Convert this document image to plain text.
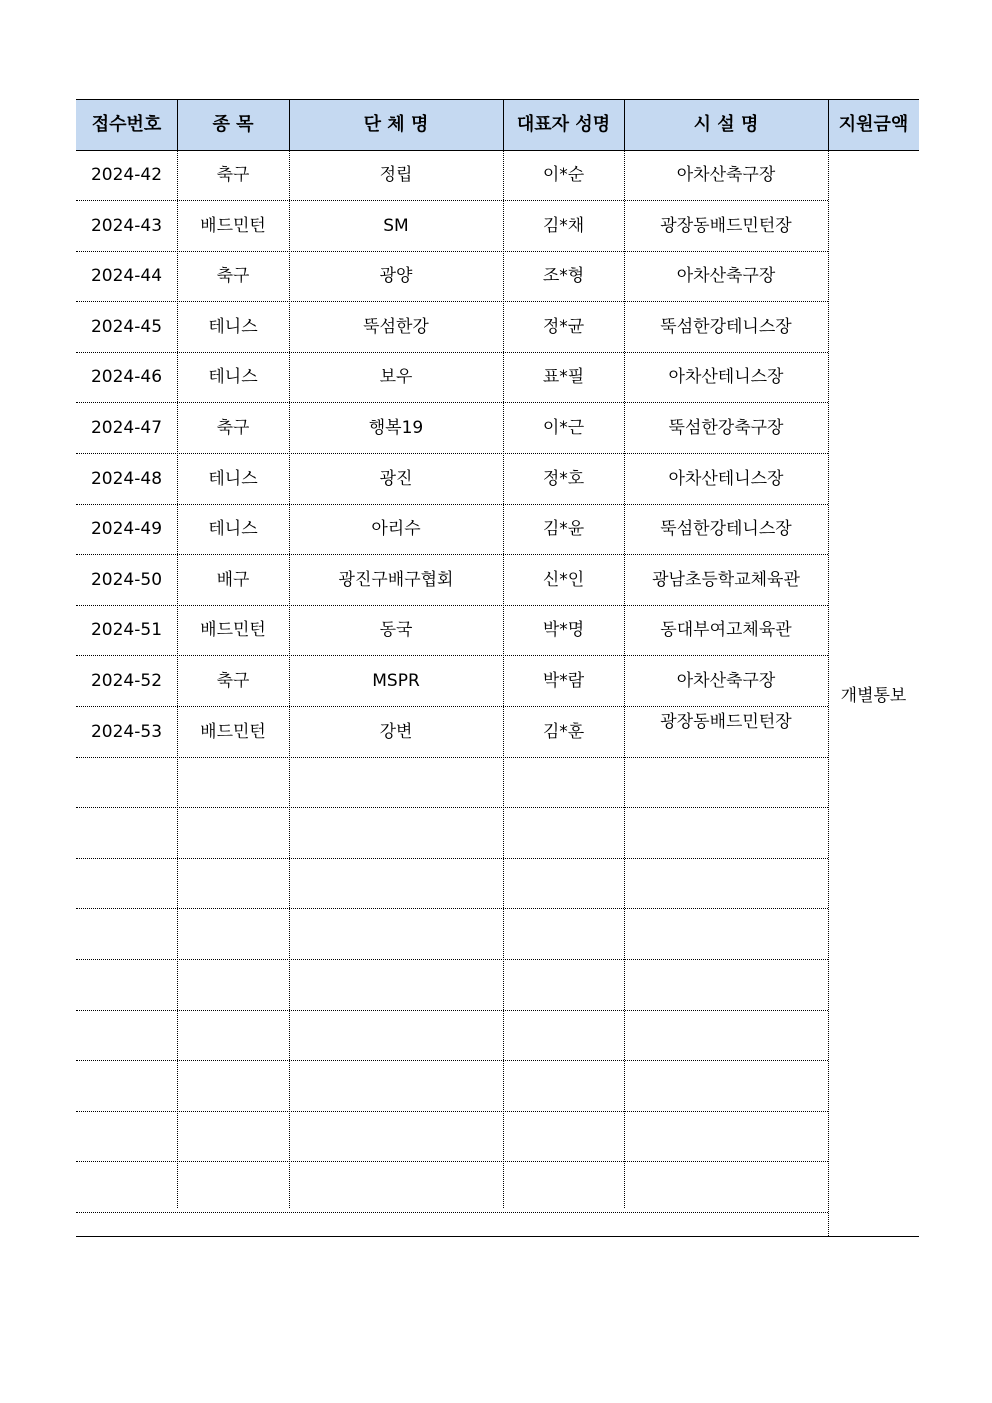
접수번호	종 목	단 체 명	대표자 성명	시 설 명	지원금액
2024-42	축구	정립	이*순	아차산축구장
2024-43	배드민턴	SM	김*채	광장동배드민턴장
2024-44	축구	광양	조*형	아차산축구장
2024-45	테니스	뚝섬한강	정*균	뚝섬한강테니스장
2024-46	테니스	보우	표*필	아차산테니스장
2024-47	축구	행복19	이*근	뚝섬한강축구장
2024-48	테니스	광진	정*호	아차산테니스장
2024-49	테니스	아리수	김*윤	뚝섬한강테니스장
2024-50	배구	광진구배구협회	신*인	광남초등학교체육관
2024-51	배드민턴	동국	박*명	동대부여고체육관
2024-52	축구	MSPR	박*람	아차산축구장
2024-53	배드민턴	강변	김*훈	광장동배드민턴장
개별통보
